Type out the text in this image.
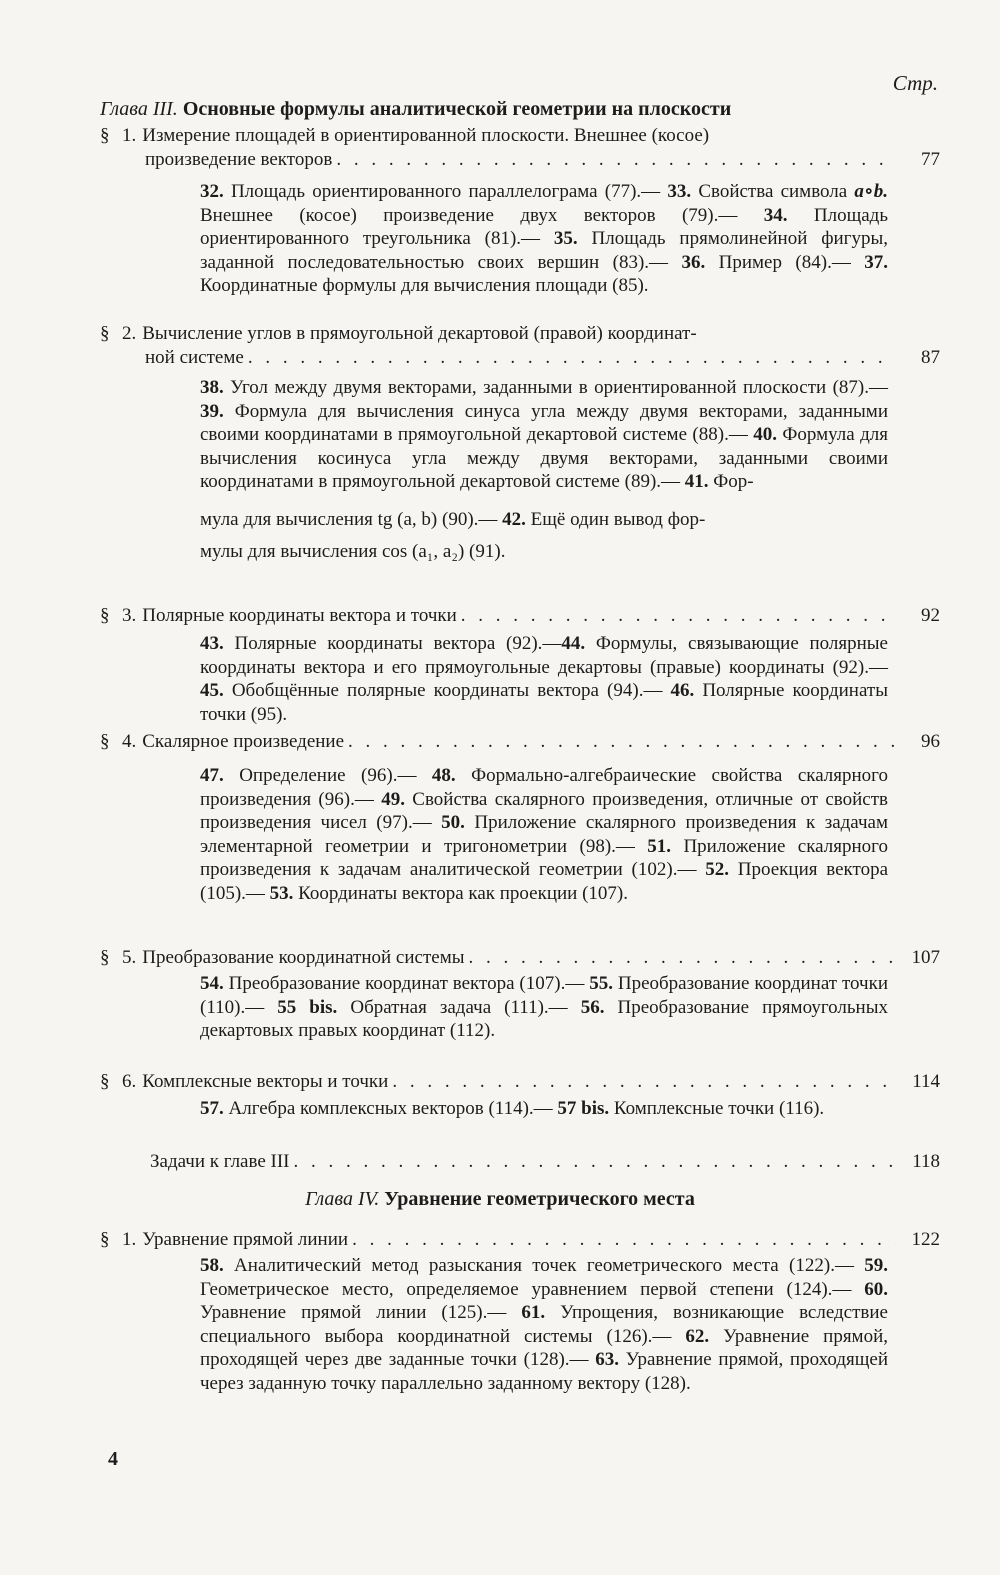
Стр.
Глава III. Основные формулы аналитической геометрии на плоскости
§ 1. Измерение площадей в ориентированной плоскости. Внешнее (косое)
произведение векторов . . .	77
32. Площадь ориентированного параллелограма (77).— 33. Свойства символа a∘b. Внешнее (косое) произведение двух векторов (79).— 34. Площадь ориентированного треугольника (81).— 35. Площадь прямолинейной фигуры, заданной последовательностью своих вершин (83).— 36. Пример (84).— 37. Координатные формулы для вычисления площади (85).
§ 2. Вычисление углов в прямоугольной декартовой (правой) координат-
ной системе . . .	87
38. Угол между двумя векторами, заданными в ориентированной плоскости (87).— 39. Формула для вычисления синуса угла между двумя векторами, заданными своими координатами в прямоугольной декартовой системе (88).— 40. Формула для вычисления косинуса угла между двумя векторами, заданными своими координатами в прямоугольной декартовой системе (89).— 41. Фор-
мула для вычисления tg (a, b) (90).— 42. Ещё один вывод фор-
мулы для вычисления cos (a₁, a₂) (91).
§ 3. Полярные координаты вектора и точки . . .	92
43. Полярные координаты вектора (92).—44. Формулы, связывающие полярные координаты вектора и его прямоугольные декартовы (правые) координаты (92).— 45. Обобщённые полярные координаты вектора (94).— 46. Полярные координаты точки (95).
§ 4. Скалярное произведение . . .	96
47. Определение (96).— 48. Формально-алгебраические свойства скалярного произведения (96).— 49. Свойства скалярного произведения, отличные от свойств произведения чисел (97).— 50. Приложение скалярного произведения к задачам элементарной геометрии и тригонометрии (98).— 51. Приложение скалярного произведения к задачам аналитической геометрии (102).— 52. Проекция вектора (105).— 53. Координаты вектора как проекции (107).
§ 5. Преобразование координатной системы . . .	107
54. Преобразование координат вектора (107).— 55. Преобразование координат точки (110).— 55 bis. Обратная задача (111).— 56. Преобразование прямоугольных декартовых правых координат (112).
§ 6. Комплексные векторы и точки . . .	114
57. Алгебра комплексных векторов (114).— 57 bis. Комплексные точки (116).
Задачи к главе III . . .	118
Глава IV. Уравнение геометрического места
§ 1. Уравнение прямой линии . . .	122
58. Аналитический метод разыскания точек геометрического места (122).— 59. Геометрическое место, определяемое уравнением первой степени (124).— 60. Уравнение прямой линии (125).— 61. Упрощения, возникающие вследствие специального выбора координатной системы (126).— 62. Уравнение прямой, проходящей через две заданные точки (128).— 63. Уравнение прямой, проходящей через заданную точку параллельно заданному вектору (128).
4
